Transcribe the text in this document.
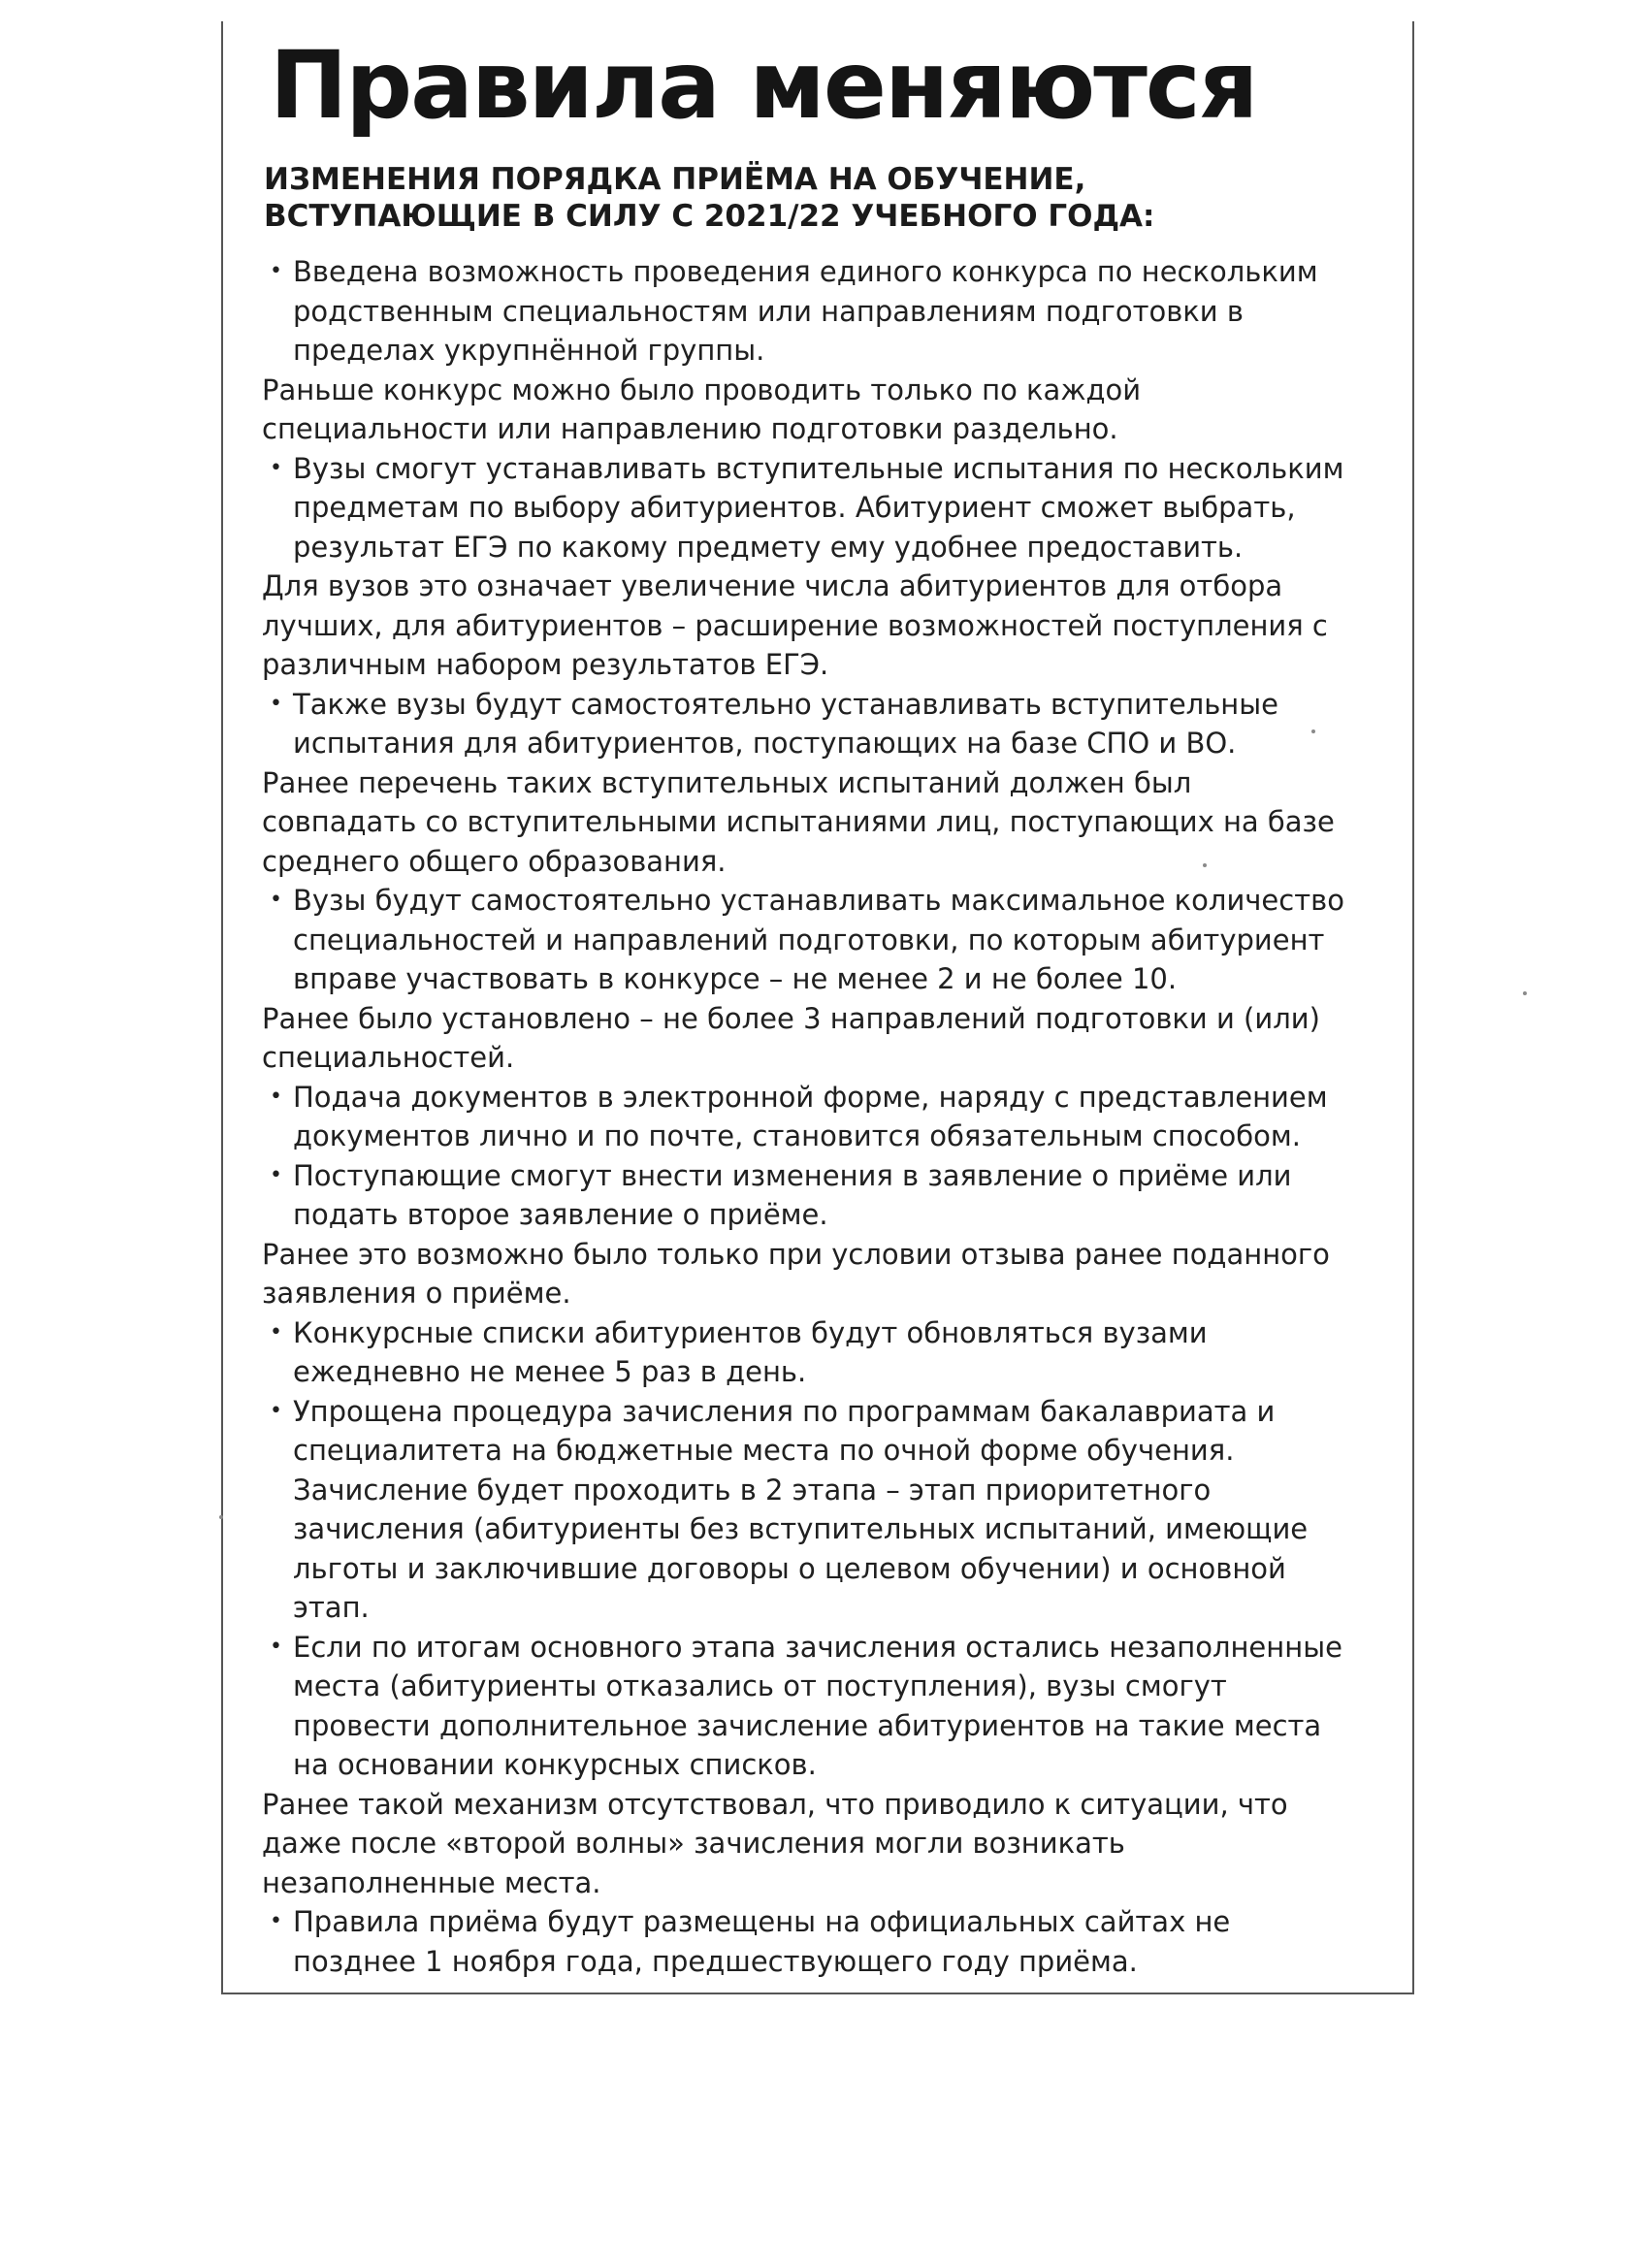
Правила меняются
ИЗМЕНЕНИЯ ПОРЯДКА ПРИЁМА НА ОБУЧЕНИЕ, ВСТУПАЮЩИЕ В СИЛУ С 2021/22 УЧЕБНОГО ГОДА:

• Введена возможность проведения единого конкурса по нескольким родственным специальностям или направлениям подготовки в пределах укрупнённой группы.

Раньше конкурс можно было проводить только по каждой специальности или направлению подготовки раздельно.

• Вузы смогут устанавливать вступительные испытания по нескольким предметам по выбору абитуриентов. Абитуриент сможет выбрать, результат ЕГЭ по какому предмету ему удобнее предоставить.

Для вузов это означает увеличение числа абитуриентов для отбора лучших, для абитуриентов – расширение возможностей поступления с различным набором результатов ЕГЭ.

• Также вузы будут самостоятельно устанавливать вступительные испытания для абитуриентов, поступающих на базе СПО и ВО.

Ранее перечень таких вступительных испытаний должен был совпадать со вступительными испытаниями лиц, поступающих на базе среднего общего образования.

• Вузы будут самостоятельно устанавливать максимальное количество специальностей и направлений подготовки, по которым абитуриент вправе участвовать в конкурсе – не менее 2 и не более 10.

Ранее было установлено – не более 3 направлений подготовки и (или) специальностей.

• Подача документов в электронной форме, наряду с представлением документов лично и по почте, становится обязательным способом.

• Поступающие смогут внести изменения в заявление о приёме или подать второе заявление о приёме.

Ранее это возможно было только при условии отзыва ранее поданного заявления о приёме.

• Конкурсные списки абитуриентов будут обновляться вузами ежедневно не менее 5 раз в день.

• Упрощена процедура зачисления по программам бакалавриата и специалитета на бюджетные места по очной форме обучения. Зачисление будет проходить в 2 этапа – этап приоритетного зачисления (абитуриенты без вступительных испытаний, имеющие льготы и заключившие договоры о целевом обучении) и основной этап.

• Если по итогам основного этапа зачисления остались незаполненные места (абитуриенты отказались от поступления), вузы смогут провести дополнительное зачисление абитуриентов на такие места на основании конкурсных списков.

Ранее такой механизм отсутствовал, что приводило к ситуации, что даже после «второй волны» зачисления могли возникать незаполненные места.

• Правила приёма будут размещены на официальных сайтах не позднее 1 ноября года, предшествующего году приёма.
